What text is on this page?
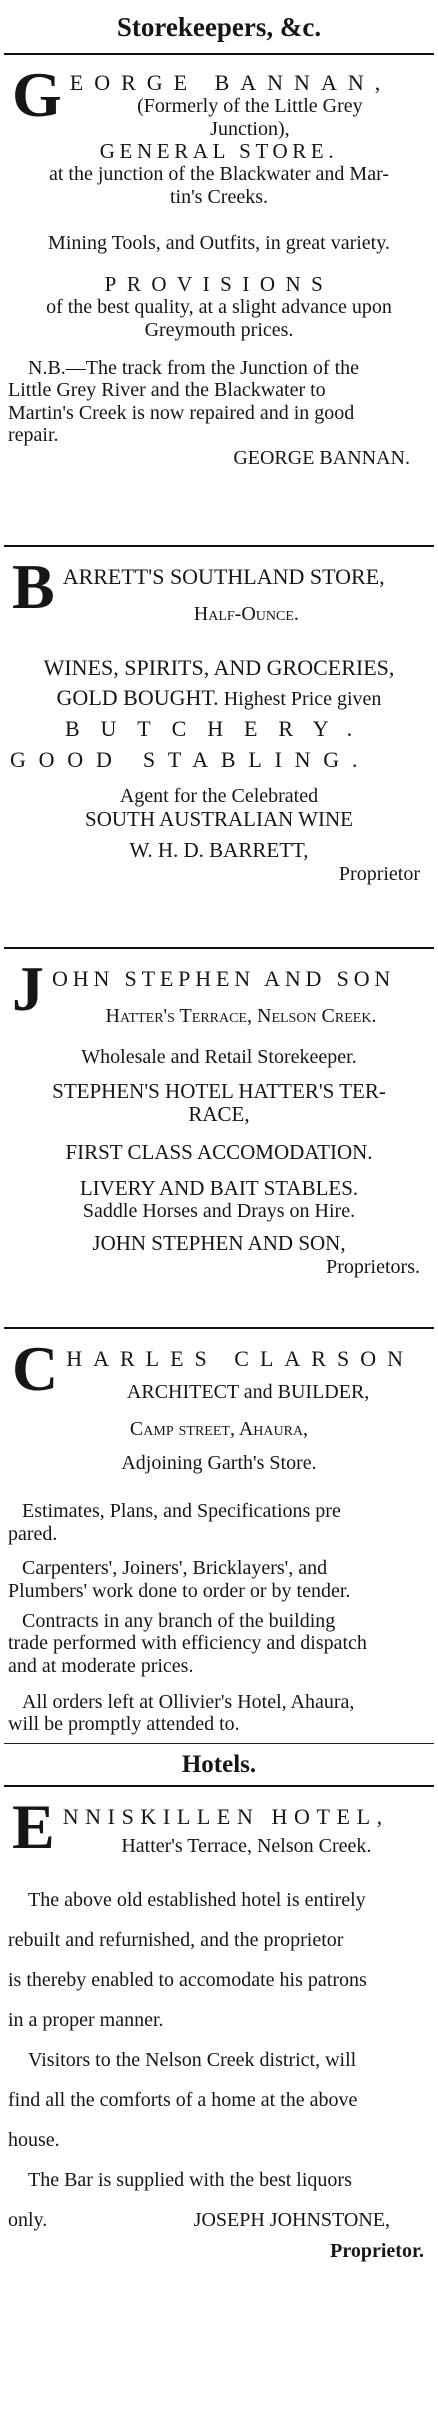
Storekeepers, &c.
G EORGE BANNAN,
(Formerly of the Little Grey
Junction),
GENERAL STORE.
at the junction of the Blackwater and Mar-
tin's Creeks.
Mining Tools, and Outfits, in great variety.
PROVISIONS
of the best quality, at a slight advance upon
Greymouth prices.
N.B.—The track from the Junction of the
Little Grey River and the Blackwater to
Martin's Creek is now repaired and in good
repair.
GEORGE BANNAN.
B ARRETT'S SOUTHLAND STORE,
Half-Ounce.
WINES, SPIRITS, AND GROCERIES,
GOLD BOUGHT. Highest Price given
BUTCHERY.
GOOD STABLING.
Agent for the Celebrated
SOUTH AUSTRALIAN WINE
W. H. D. BARRETT,
Proprietor
J OHN STEPHEN AND SON
Hatter's Terrace, Nelson Creek.
Wholesale and Retail Storekeeper.
STEPHEN'S HOTEL HATTER'S TER-
RACE,
FIRST CLASS ACCOMODATION.
LIVERY AND BAIT STABLES.
Saddle Horses and Drays on Hire.
JOHN STEPHEN AND SON,
Proprietors.
C HARLES CLARSON
ARCHITECT and BUILDER,
Camp street, Ahaura,
Adjoining Garth's Store.
Estimates, Plans, and Specifications pre
pared.
Carpenters', Joiners', Bricklayers', and
Plumbers' work done to order or by tender.
Contracts in any branch of the building
trade performed with efficiency and dispatch
and at moderate prices.
All orders left at Ollivier's Hotel, Ahaura,
will be promptly attended to.
Hotels.
E NNISKILLEN HOTEL,
Hatter's Terrace, Nelson Creek.
The above old established hotel is entirely
rebuilt and refurnished, and the proprietor
is thereby enabled to accomodate his patrons
in a proper manner.
Visitors to the Nelson Creek district, will
find all the comforts of a home at the above
house.
The Bar is supplied with the best liquors
only.	JOSEPH JOHNSTONE,
Proprietor.
